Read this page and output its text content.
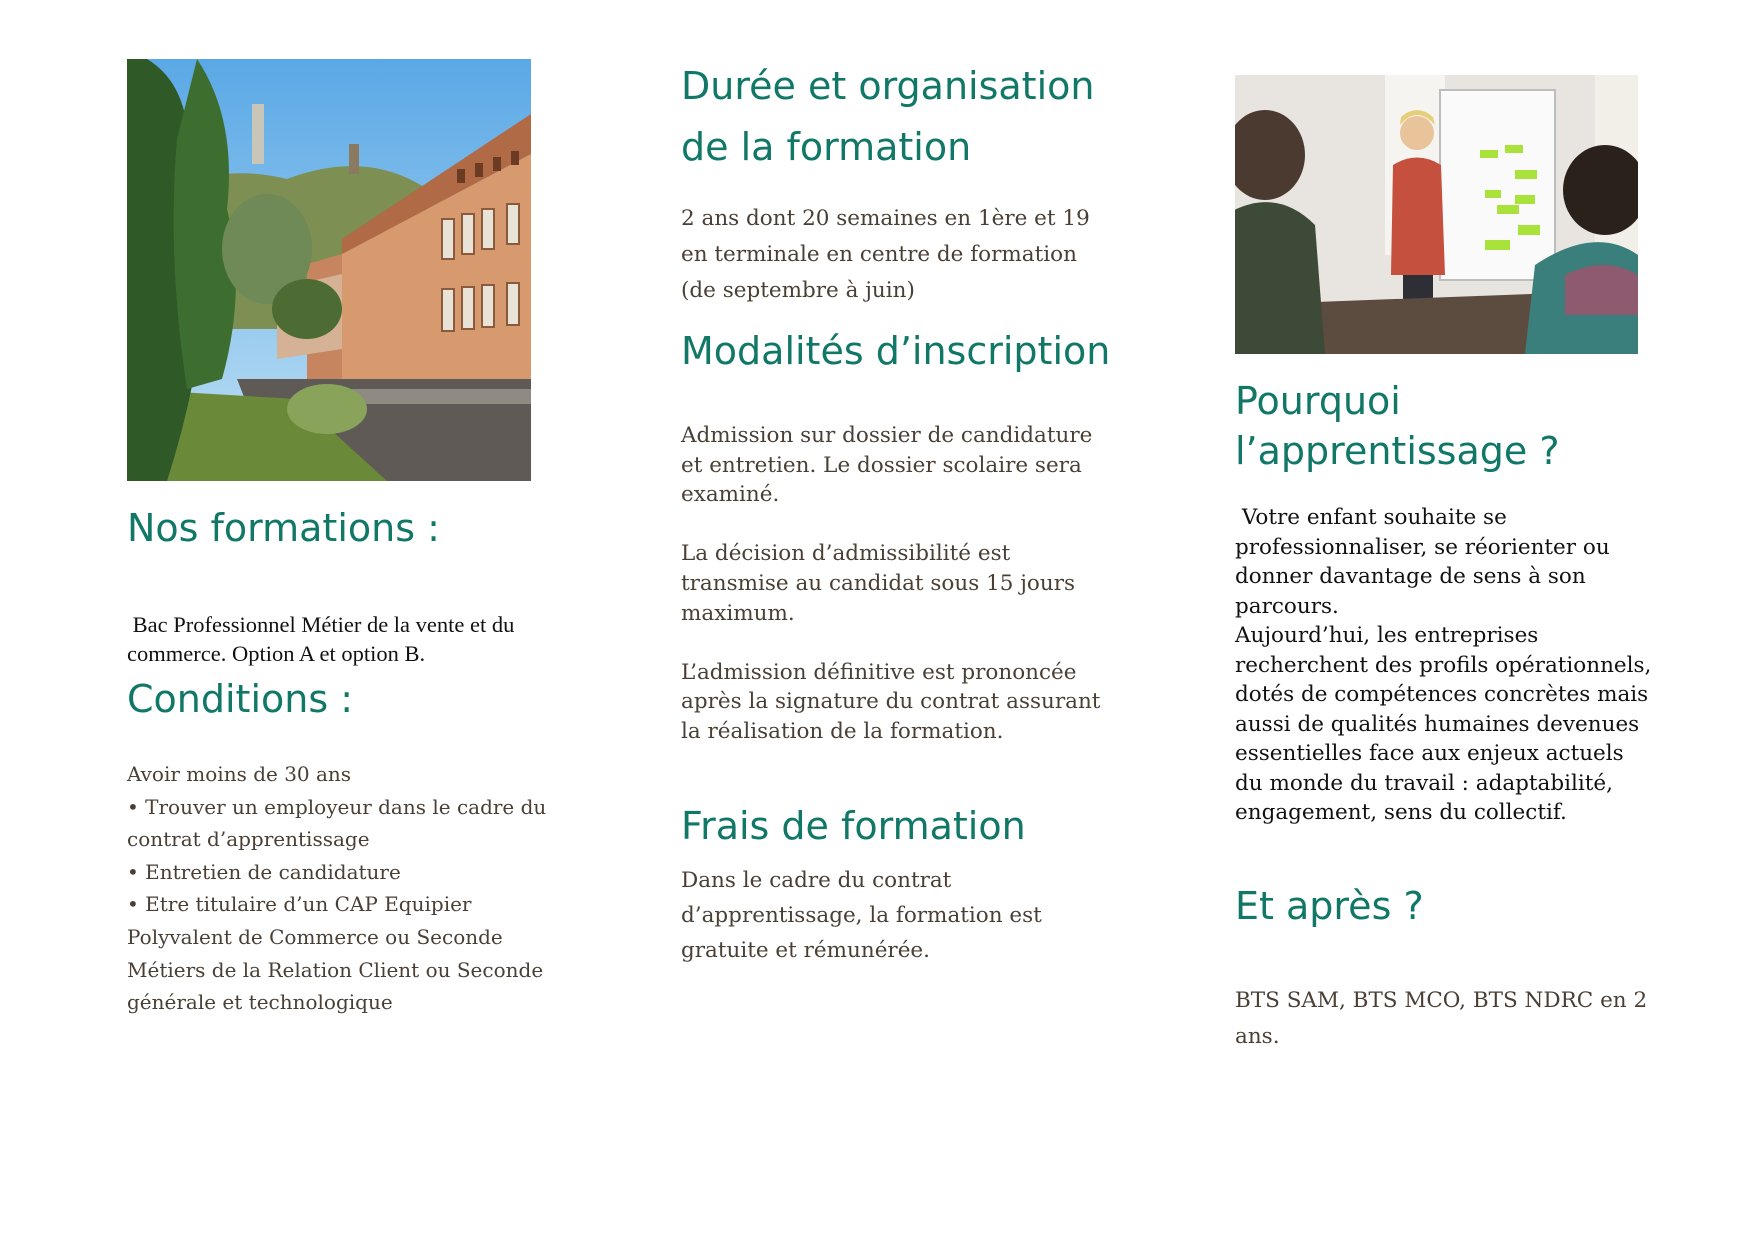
Nos formations :

Bac Professionnel Métier de la vente et du commerce. Option A et option B.

Conditions :
Avoir moins de 30 ans
• Trouver un employeur dans le cadre du contrat d’apprentissage
• Entretien de candidature
• Etre titulaire d’un CAP Equipier Polyvalent de Commerce ou Seconde Métiers de la Relation Client ou Seconde générale et technologique
Durée et organisation de la formation

2 ans dont 20 semaines en 1ère et 19 en terminale en centre de formation (de septembre à juin)

Modalités d’inscription

Admission sur dossier de candidature et entretien. Le dossier scolaire sera examiné.

La décision d’admissibilité est transmise au candidat sous 15 jours maximum.

L’admission définitive est prononcée après la signature du contrat assurant la réalisation de la formation.

Frais de formation

Dans le cadre du contrat d’apprentissage, la formation est gratuite et rémunérée.

Pourquoi l’apprentissage ?

Votre enfant souhaite se professionnaliser, se réorienter ou donner davantage de sens à son parcours.

Aujourd’hui, les entreprises recherchent des profils opérationnels, dotés de compétences concrètes mais aussi de qualités humaines devenues essentielles face aux enjeux actuels du monde du travail : adaptabilité, engagement, sens du collectif.

Et après ?

BTS SAM, BTS MCO, BTS NDRC en 2 ans.
